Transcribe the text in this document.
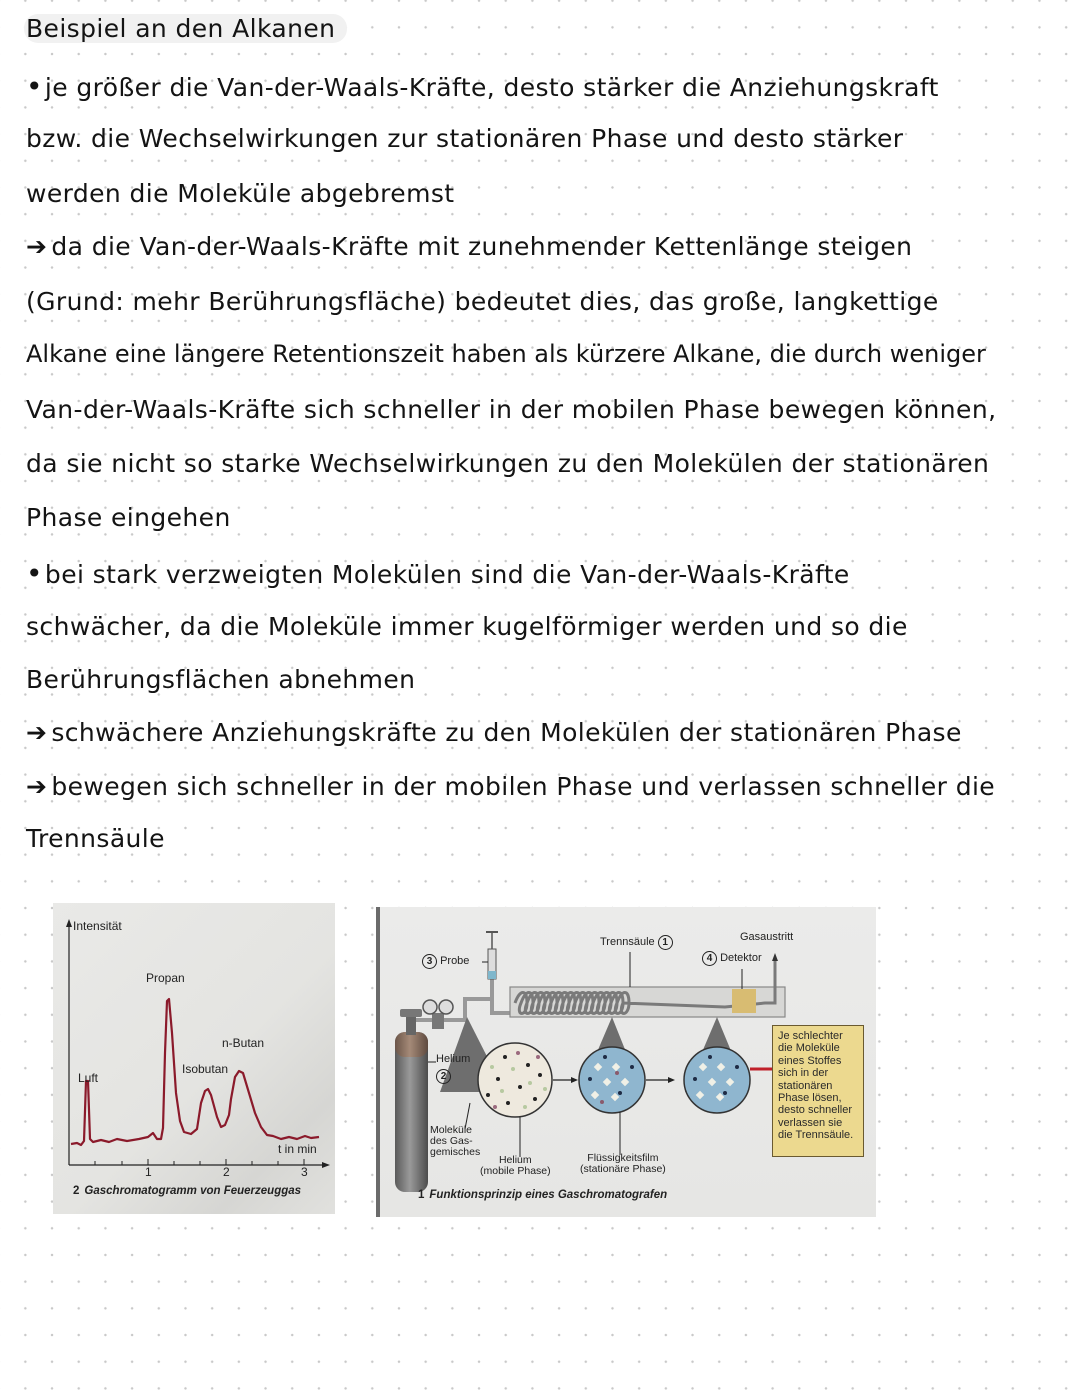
Beispiel an den Alkanen
• je größer die Van-der-Waals-Kräfte, desto stärker die Anziehungskraft
bzw. die Wechselwirkungen zur stationären Phase und desto stärker
werden die Moleküle abgebremst
➔ da die Van-der-Waals-Kräfte mit zunehmender Kettenlänge steigen
(Grund: mehr Berührungsfläche) bedeutet dies, das große, langkettige
Alkane eine längere Retentionszeit haben als kürzere Alkane, die durch weniger
Van-der-Waals-Kräfte sich schneller in der mobilen Phase bewegen können,
da sie nicht so starke Wechselwirkungen zu den Molekülen der stationären
Phase eingehen
• bei stark verzweigten Molekülen sind die Van-der-Waals-Kräfte
schwächer, da die Moleküle immer kugelförmiger werden und so die
Berührungsflächen abnehmen
➔ schwächere Anziehungskräfte zu den Molekülen der stationären Phase
➔ bewegen sich schneller in der mobilen Phase und verlassen schneller die
Trennsäule
Intensität
Luft
Propan
Isobutan
n-Butan
t in min
1	2	3
2 Gaschromatogramm von Feuerzeuggas
3 Probe
Trennsäule 1	Gasaustritt
4 Detektor
Helium
2
Moleküle
des Gas-
gemisches
Helium
(mobile Phase)
Flüssigkeitsfilm
(stationäre Phase)
Je schlechter die Moleküle eines Stoffes sich in der stationären Phase lösen, desto schneller verlassen sie die Trennsäule.
1 Funktionsprinzip eines Gaschromatografen
